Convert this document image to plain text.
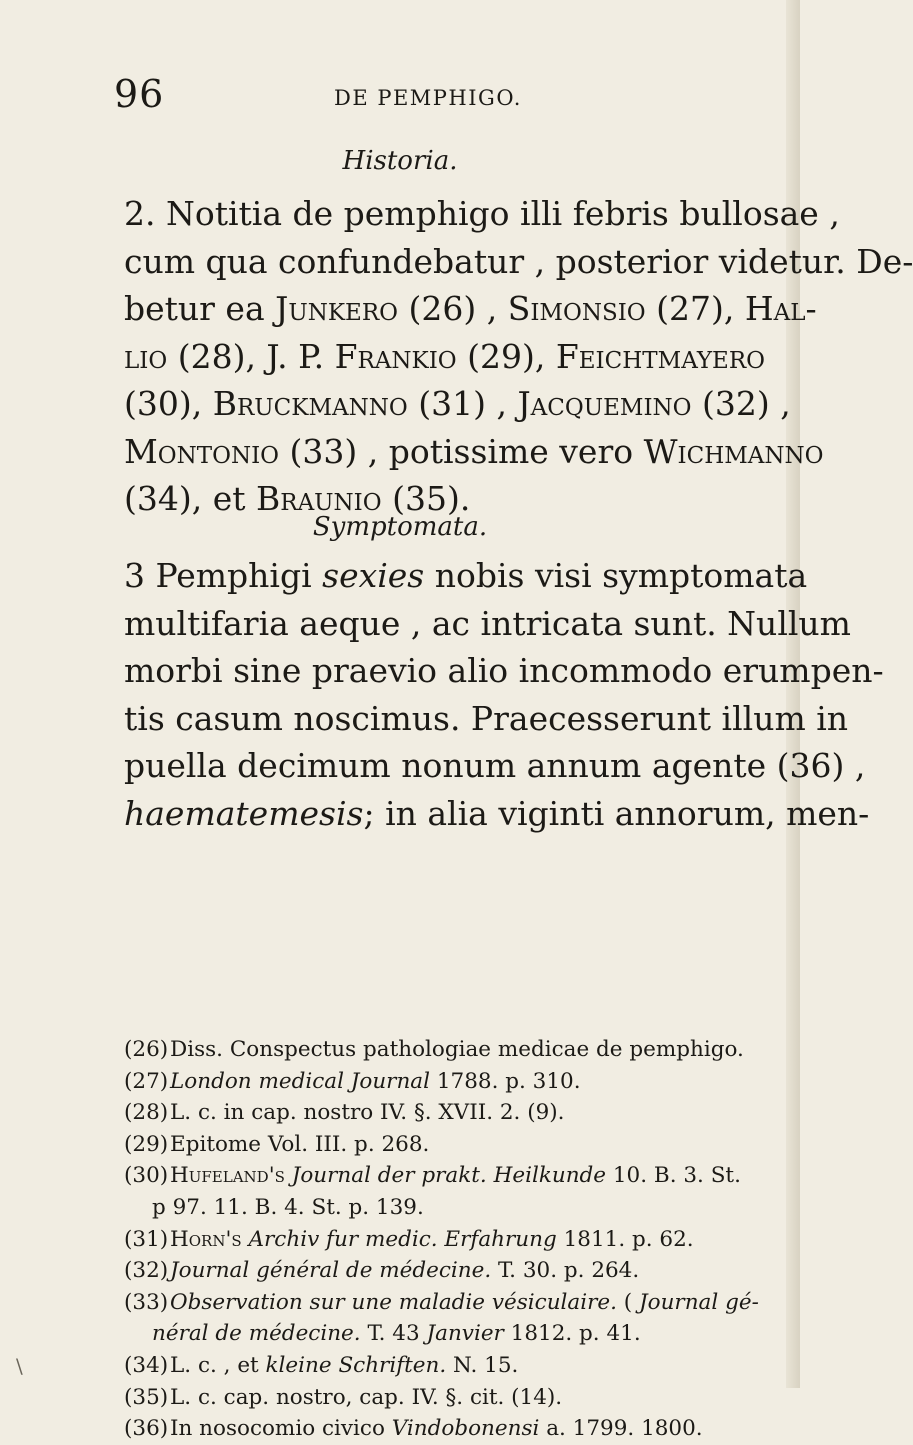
96	DE PEMPHIGO.
Historia.
2. Notitia de pemphigo illi febris bullosae ,
cum qua confundebatur , posterior videtur. De-
betur ea Junkero (26) , Simonsio (27), Hal-
lio (28), J. P. Frankio (29), Feichtmayero
(30), Bruckmanno (31) , Jacquemino (32) ,
Montonio (33) , potissime vero Wichmanno
(34), et Braunio (35).
Symptomata.
3 Pemphigi sexies nobis visi symptomata
multifaria aeque , ac intricata sunt. Nullum
morbi sine praevio alio incommodo erumpen-
tis casum noscimus. Praecesserunt illum in
puella decimum nonum annum agente (36) ,
haematemesis; in alia viginti annorum, men-
(26)Diss. Conspectus pathologiae medicae de pemphigo.
(27)London medical Journal 1788. p. 310.
(28)L. c. in cap. nostro IV. §. XVII. 2. (9).
(29)Epitome Vol. III. p. 268.
(30)Hufeland's Journal der prakt. Heilkunde 10. B. 3. St.
p 97. 11. B. 4. St. p. 139.
(31)Horn's Archiv fur medic. Erfahrung 1811. p. 62.
(32)Journal général de médecine. T. 30. p. 264.
(33)Observation sur une maladie vésiculaire. ( Journal gé-
néral de médecine. T. 43 Janvier 1812. p. 41.
(34)L. c. , et kleine Schriften. N. 15.
(35)L. c. cap. nostro, cap. IV. §. cit. (14).
(36)In nosocomio civico Vindobonensi a. 1799. 1800.
\
